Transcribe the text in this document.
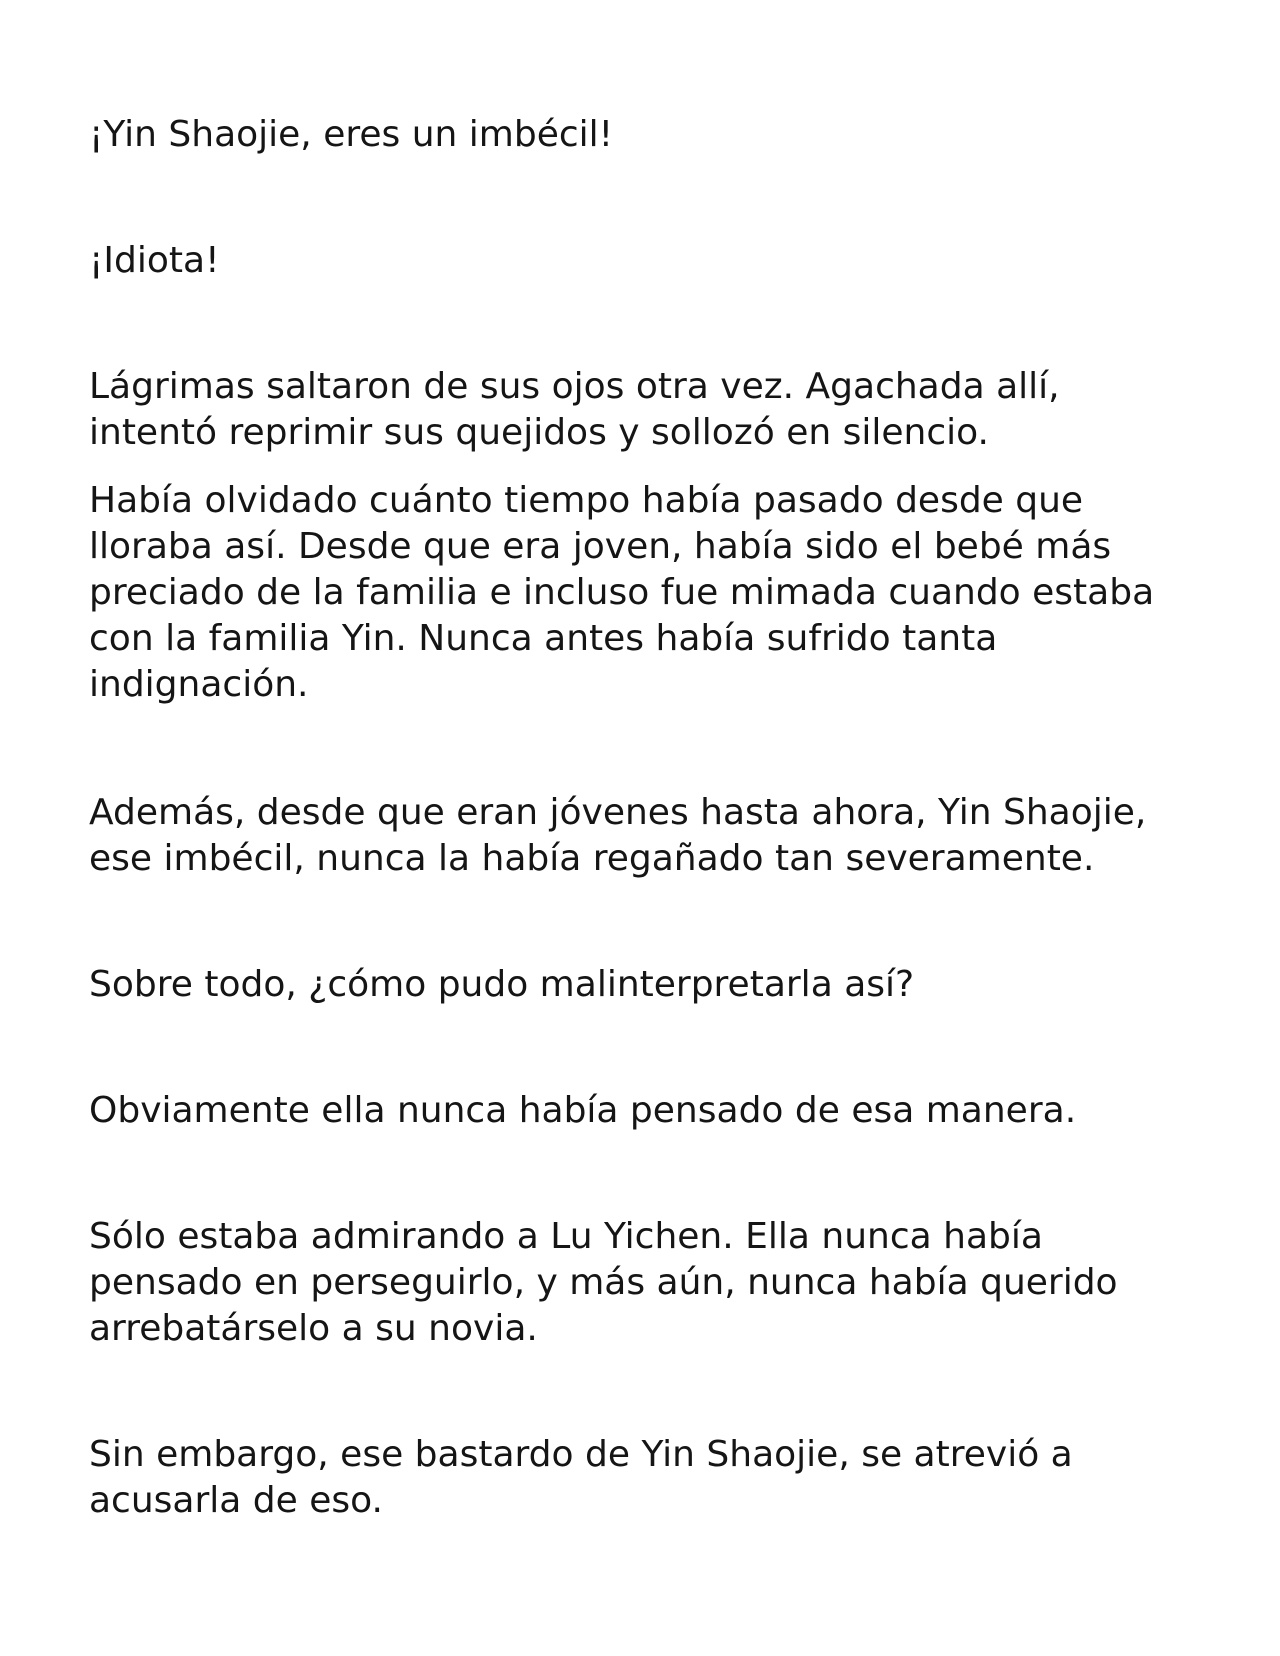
¡Yin Shaojie, eres un imbécil!

¡Idiota!

Lágrimas saltaron de sus ojos otra vez. Agachada allí,
intentó reprimir sus quejidos y sollozó en silencio.

Había olvidado cuánto tiempo había pasado desde que
lloraba así. Desde que era joven, había sido el bebé más
preciado de la familia e incluso fue mimada cuando estaba
con la familia Yin. Nunca antes había sufrido tanta
indignación.

Además, desde que eran jóvenes hasta ahora, Yin Shaojie,
ese imbécil, nunca la había regañado tan severamente.

Sobre todo, ¿cómo pudo malinterpretarla así?

Obviamente ella nunca había pensado de esa manera.

Sólo estaba admirando a Lu Yichen. Ella nunca había
pensado en perseguirlo, y más aún, nunca había querido
arrebatárselo a su novia.

Sin embargo, ese bastardo de Yin Shaojie, se atrevió a
acusarla de eso.
